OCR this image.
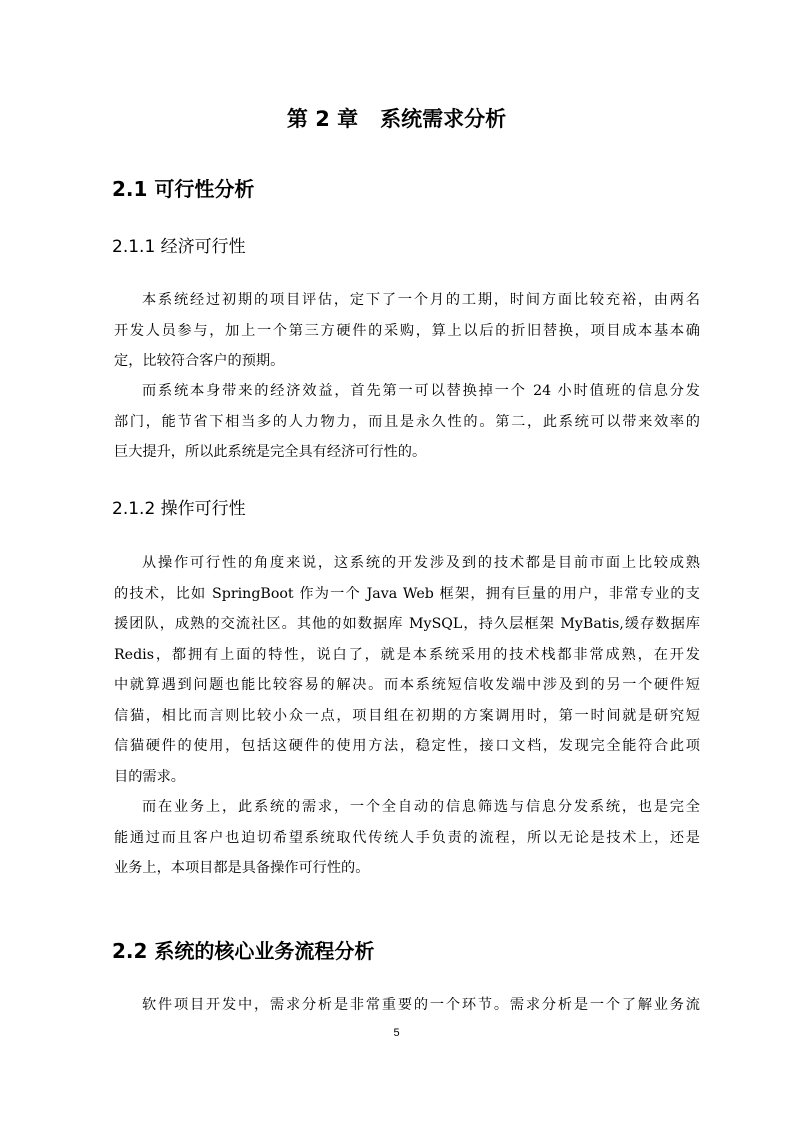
第 2 章   系统需求分析
2.1 可行性分析
2.1.1 经济可行性
本系统经过初期的项目评估，定下了一个月的工期，时间方面比较充裕，由两名
开发人员参与，加上一个第三方硬件的采购，算上以后的折旧替换，项目成本基本确
定，比较符合客户的预期。
而系统本身带来的经济效益，首先第一可以替换掉一个 24 小时值班的信息分发
部门，能节省下相当多的人力物力，而且是永久性的。第二，此系统可以带来效率的
巨大提升，所以此系统是完全具有经济可行性的。
2.1.2 操作可行性
从操作可行性的角度来说，这系统的开发涉及到的技术都是目前市面上比较成熟
的技术，比如 SpringBoot 作为一个 Java Web 框架，拥有巨量的用户，非常专业的支
援团队，成熟的交流社区。其他的如数据库 MySQL，持久层框架 MyBatis,缓存数据库
Redis，都拥有上面的特性，说白了，就是本系统采用的技术栈都非常成熟，在开发
中就算遇到问题也能比较容易的解决。而本系统短信收发端中涉及到的另一个硬件短
信猫，相比而言则比较小众一点，项目组在初期的方案调用时，第一时间就是研究短
信猫硬件的使用，包括这硬件的使用方法，稳定性，接口文档，发现完全能符合此项
目的需求。
而在业务上，此系统的需求，一个全自动的信息筛选与信息分发系统，也是完全
能通过而且客户也迫切希望系统取代传统人手负责的流程，所以无论是技术上，还是
业务上，本项目都是具备操作可行性的。
2.2 系统的核心业务流程分析
软件项目开发中，需求分析是非常重要的一个环节。需求分析是一个了解业务流
5
